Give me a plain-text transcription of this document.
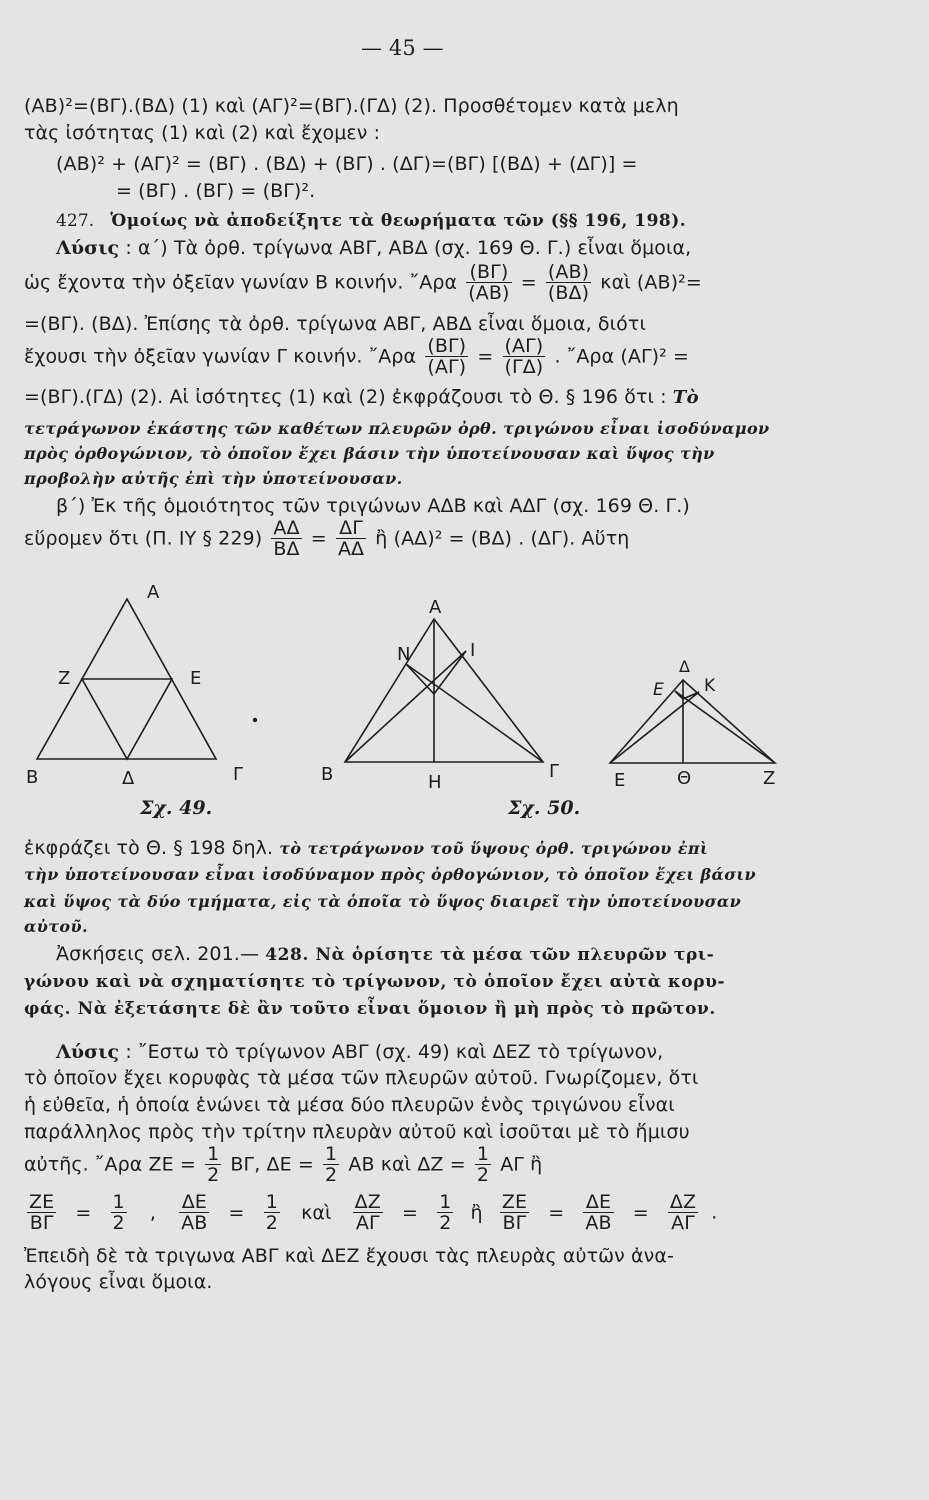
— 45 —
(ΑΒ)²=(ΒΓ).(ΒΔ) (1) καὶ (ΑΓ)²=(ΒΓ).(ΓΔ) (2). Προσθέτομεν κατὰ μελη
τὰς ἰσότητας (1) καὶ (2) καὶ ἔχομεν :
(ΑΒ)² + (ΑΓ)² = (ΒΓ) . (ΒΔ) + (ΒΓ) . (ΔΓ)=(ΒΓ) [(ΒΔ) + (ΔΓ)] =
= (ΒΓ) . (ΒΓ) = (ΒΓ)².
427. Ὁμοίως νὰ ἀποδείξητε τὰ θεωρήματα τῶν (§§ 196, 198).
Λύσις : α΄) Τὰ ὀρθ. τρίγωνα ΑΒΓ, ΑΒΔ (σχ. 169 Θ. Γ.) εἶναι ὅμοια,
ὡς ἔχοντα τὴν ὀξεῖαν γωνίαν Β κοινήν. ῎Αρα $\frac{(B\Gamma)}{(AB)} = \frac{(AB)}{(B\Delta)}$ καὶ (ΑΒ)²=
=(ΒΓ). (ΒΔ). Ἐπίσης τὰ ὀρθ. τρίγωνα ΑΒΓ, ΑΒΔ εἶναι ὅμοια, διότι
ἔχουσι τὴν ὀξεῖαν γωνίαν Γ κοινήν. ῎Αρα $\frac{(B\Gamma)}{(A\Gamma)} = \frac{(A\Gamma)}{(\Gamma\Delta)}$ . ῎Αρα (ΑΓ)² =
=(ΒΓ).(ΓΔ) (2). Αἱ ἰσότητες (1) καὶ (2) ἐκφράζουσι τὸ Θ. § 196 ὅτι : Τὸ
τετράγωνον ἑκάστης τῶν καθέτων πλευρῶν ὀρθ. τριγώνου εἶναι ἰσοδύναμον
πρὸς ὀρθογώνιον, τὸ ὁποῖον ἔχει βάσιν τὴν ὑποτείνουσαν καὶ ὕψος τὴν
προβολὴν αὐτῆς ἐπὶ τὴν ὑποτείνουσαν.
β΄) Ἐκ τῆς ὁμοιότητος τῶν τριγώνων ΑΔΒ καὶ ΑΔΓ (σχ. 169 Θ. Γ.)
εὕρομεν ὅτι (Π. ΙΥ § $229) \frac{A\Delta}{B\Delta} = \frac{\Delta\Gamma}{A\Delta}$ ἢ (ΑΔ)² = (ΒΔ) . (ΔΓ). Αὕτη
Α
Ζ	Ε
Β	Δ	Γ
Σχ. 49.
Α
Ν	Ι
Β	Η
Γ
Σχ. 50.
Δ
Ε Κ
Ε	Θ	Ζ
ἐκφράζει τὸ Θ. § 198 δηλ. τὸ τετράγωνον τοῦ ὕψους ὀρθ. τριγώνου ἐπὶ
τὴν ὑποτείνουσαν εἶναι ἰσοδύναμον πρὸς ὀρθογώνιον, τὸ ὁποῖον ἔχει βάσιν
καὶ ὕψος τὰ δύο τμήματα, εἰς τὰ ὁποῖα τὸ ὕψος διαιρεῖ τὴν ὑποτείνουσαν
αὐτοῦ.
Ἀσκήσεις σελ. 201.— 428. Νὰ ὁρίσητε τὰ μέσα τῶν πλευρῶν τρι-
γώνου καὶ νὰ σχηματίσητε τὸ τρίγωνον, τὸ ὁποῖον ἔχει αὐτὰ κορυ-
φάς. Νὰ ἐξετάσητε δὲ ἂν τοῦτο εἶναι ὅμοιον ἢ μὴ πρὸς τὸ πρῶτον.
Λύσις : ῎Εστω τὸ τρίγωνον ΑΒΓ (σχ. 49) καὶ ΔΕΖ τὸ τρίγωνον,
τὸ ὁποῖον ἔχει κορυφὰς τὰ μέσα τῶν πλευρῶν αὐτοῦ. Γνωρίζομεν, ὅτι
ἡ εὐθεῖα, ἡ ὁποία ἑνώνει τὰ μέσα δύο πλευρῶν ἑνὸς τριγώνου εἶναι
παράλληλος πρὸς τὴν τρίτην πλευρὰν αὐτοῦ καὶ ἰσοῦται μὲ τὸ ἥμισυ
αὐτῆς. ῎Αρα $ZE = \frac{1}{2} B\Gamma$, $\Delta E = \frac{1}{2}$ ΑΒ καὶ $\Delta Z = \frac{1}{2}$ ΑΓ ἢ
$\frac{ZE}{B\Gamma} = \frac{1}{2}$ , $\frac{\Delta E}{AB} = \frac{1}{2}$ καὶ $\frac{\Delta Z}{A\Gamma} = \frac{1}{2}$ ἢ $\frac{ZE}{B\Gamma} = \frac{\Delta E}{AB} = \frac{\Delta Z}{A\Gamma}$ .
Ἐπειδὴ δὲ τὰ τριγωνα ΑΒΓ καὶ ΔΕΖ ἔχουσι τὰς πλευρὰς αὐτῶν ἀνα-
λόγους εἶναι ὅμοια.
